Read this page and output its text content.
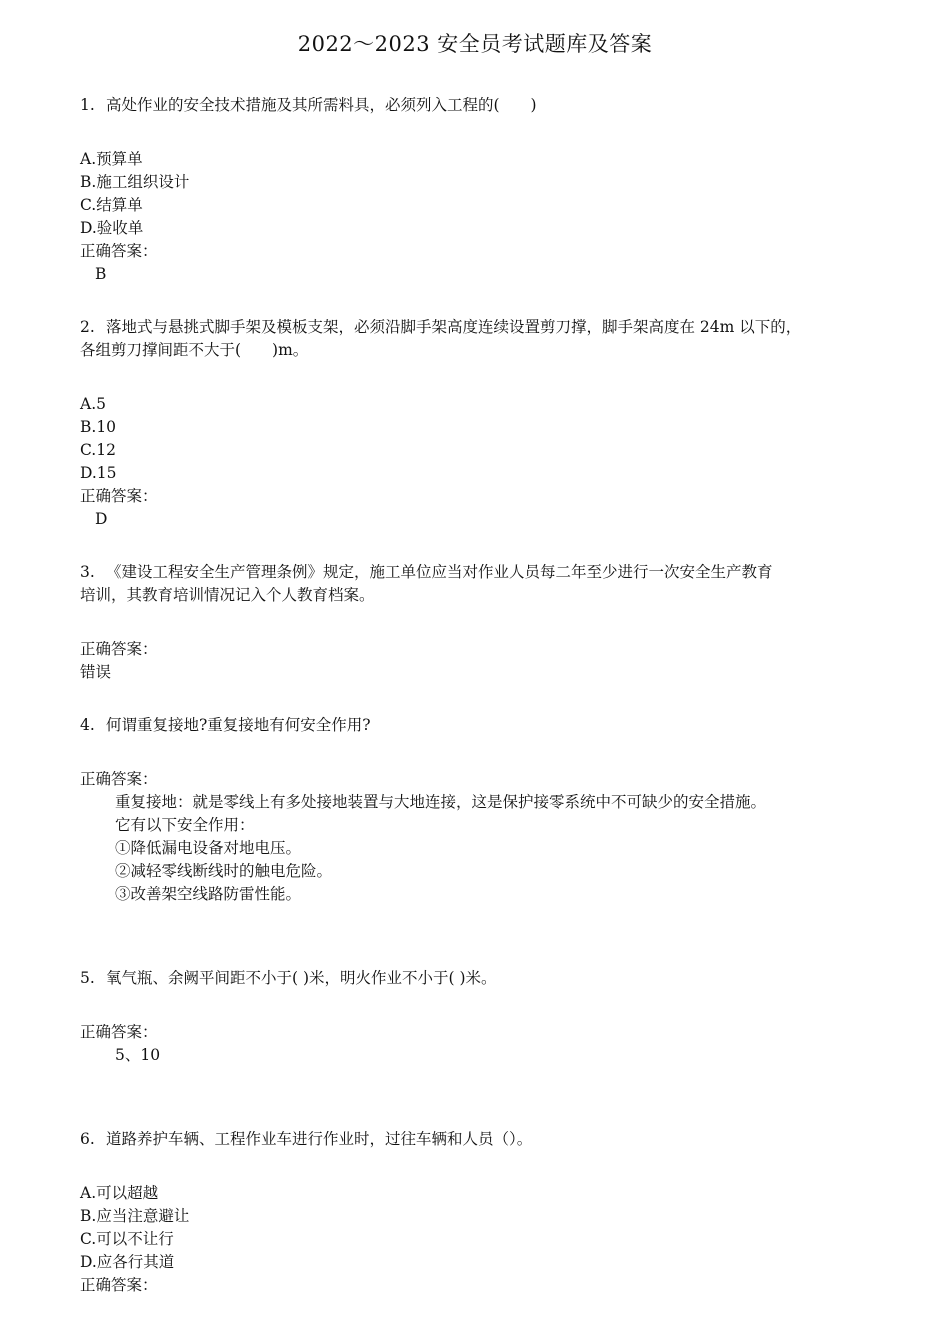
2022～2023 安全员考试题库及答案
1. 高处作业的安全技术措施及其所需料具，必须列入工程的(　　)
A.预算单
B.施工组织设计
C.结算单
D.验收单
正确答案：
B
2. 落地式与悬挑式脚手架及模板支架，必须沿脚手架高度连续设置剪刀撑，脚手架高度在 24m 以下的，
各组剪刀撑间距不大于(　　)m。
A.5
B.10
C.12
D.15
正确答案：
D
3. 《建设工程安全生产管理条例》规定，施工单位应当对作业人员每二年至少进行一次安全生产教育
培训，其教育培训情况记入个人教育档案。
正确答案：
错误
4. 何谓重复接地?重复接地有何安全作用?
正确答案：
重复接地：就是零线上有多处接地装置与大地连接，这是保护接零系统中不可缺少的安全措施。
它有以下安全作用：
①降低漏电设备对地电压。
②减轻零线断线时的触电危险。
③改善架空线路防雷性能。
5. 氧气瓶、余阙平间距不小于( )米，明火作业不小于( )米。
正确答案：
5、10
6. 道路养护车辆、工程作业车进行作业时，过往车辆和人员（）。
A.可以超越
B.应当注意避让
C.可以不让行
D.应各行其道
正确答案：
